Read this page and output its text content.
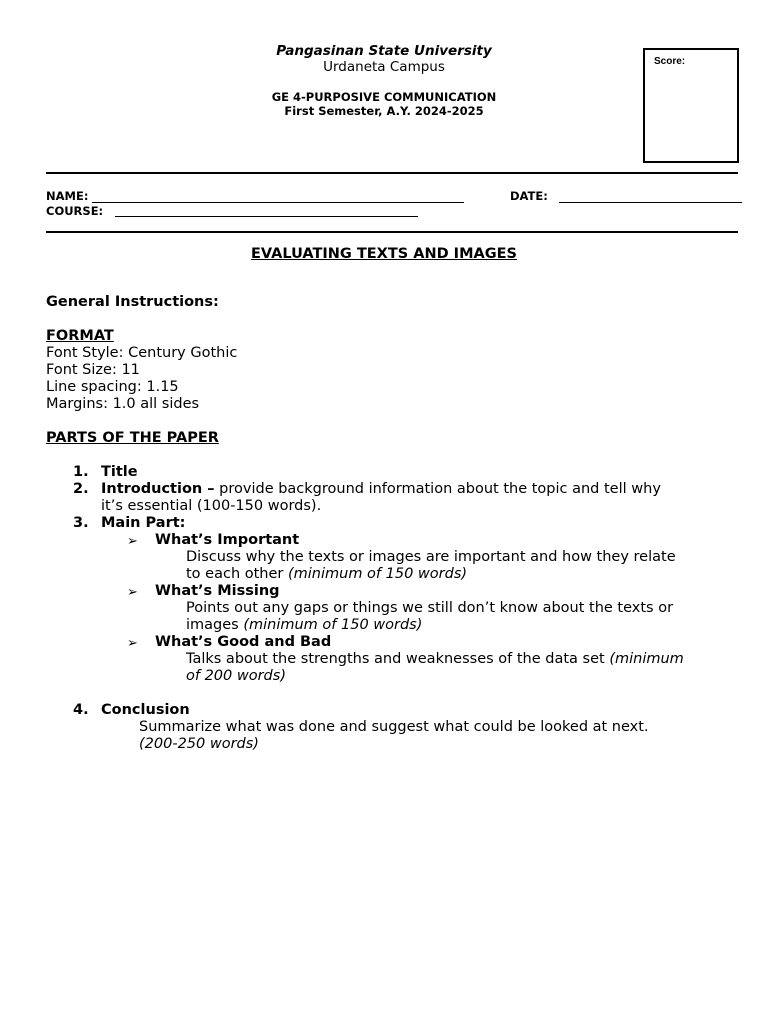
Pangasinan State University
Urdaneta Campus
GE 4-PURPOSIVE COMMUNICATION
First Semester, A.Y. 2024-2025
Score:
NAME:	DATE:
COURSE:
EVALUATING TEXTS AND IMAGES
General Instructions:
FORMAT
Font Style: Century Gothic
Font Size: 11
Line spacing: 1.15
Margins: 1.0 all sides
PARTS OF THE PAPER
1. Title
2. Introduction – provide background information about the topic and tell why
it’s essential (100-150 words).
3. Main Part:
➢ What’s Important
Discuss why the texts or images are important and how they relate
to each other (minimum of 150 words)
➢ What’s Missing
Points out any gaps or things we still don’t know about the texts or
images (minimum of 150 words)
➢ What’s Good and Bad
Talks about the strengths and weaknesses of the data set (minimum
of 200 words)
4. Conclusion
Summarize what was done and suggest what could be looked at next.
(200-250 words)
